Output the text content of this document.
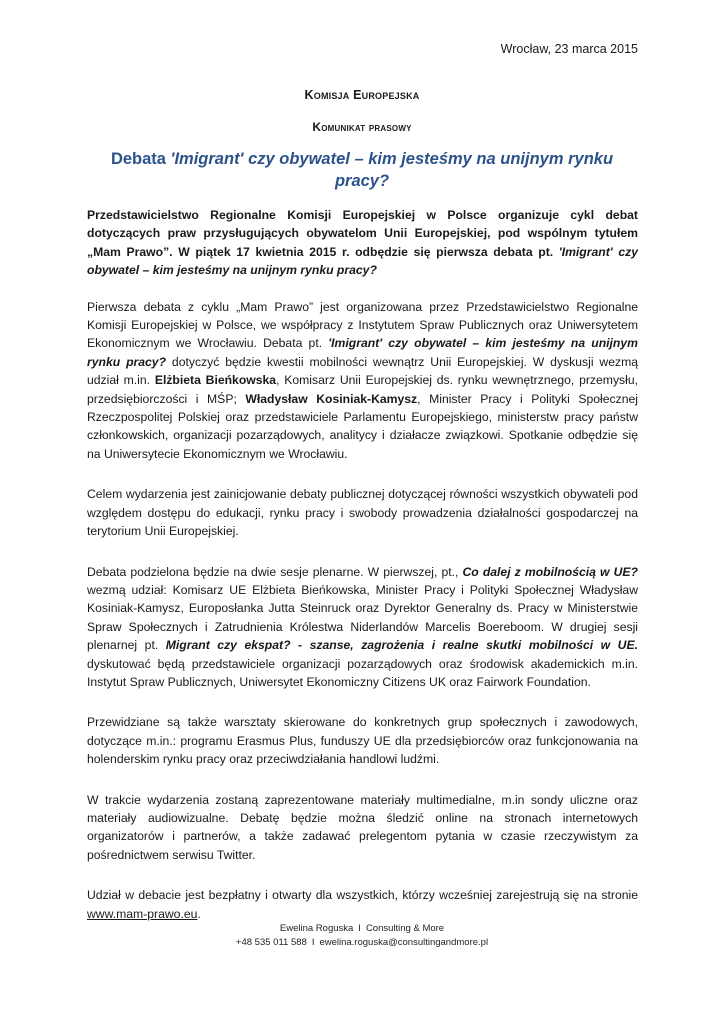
Wrocław, 23 marca 2015
Komisja Europejska
Komunikat prasowy
Debata 'Imigrant' czy obywatel – kim jesteśmy na unijnym rynku pracy?

Przedstawicielstwo Regionalne Komisji Europejskiej w Polsce organizuje cykl debat dotyczących praw przysługujących obywatelom Unii Europejskiej, pod wspólnym tytułem „Mam Prawo”. W piątek 17 kwietnia 2015 r. odbędzie się pierwsza debata pt. 'Imigrant' czy obywatel – kim jesteśmy na unijnym rynku pracy?

Pierwsza debata z cyklu „Mam Prawo” jest organizowana przez Przedstawicielstwo Regionalne Komisji Europejskiej w Polsce, we współpracy z Instytutem Spraw Publicznych oraz Uniwersytetem Ekonomicznym we Wrocławiu. Debata pt. 'Imigrant' czy obywatel – kim jesteśmy na unijnym rynku pracy? dotyczyć będzie kwestii mobilności wewnątrz Unii Europejskiej. W dyskusji wezmą udział m.in. Elżbieta Bieńkowska, Komisarz Unii Europejskiej ds. rynku wewnętrznego, przemysłu, przedsiębiorczości i MŚP; Władysław Kosiniak-Kamysz, Minister Pracy i Polityki Społecznej Rzeczpospolitej Polskiej oraz przedstawiciele Parlamentu Europejskiego, ministerstw pracy państw członkowskich, organizacji pozarządowych, analitycy i działacze związkowi. Spotkanie odbędzie się na Uniwersytecie Ekonomicznym we Wrocławiu.

Celem wydarzenia jest zainicjowanie debaty publicznej dotyczącej równości wszystkich obywateli pod względem dostępu do edukacji, rynku pracy i swobody prowadzenia działalności gospodarczej na terytorium Unii Europejskiej.

Debata podzielona będzie na dwie sesje plenarne. W pierwszej, pt., Co dalej z mobilnością w UE? wezmą udział: Komisarz UE Elżbieta Bieńkowska, Minister Pracy i Polityki Społecznej Władysław Kosiniak-Kamysz, Europosłanka Jutta Steinruck oraz Dyrektor Generalny ds. Pracy w Ministerstwie Spraw Społecznych i Zatrudnienia Królestwa Niderlandów Marcelis Boereboom. W drugiej sesji plenarnej pt. Migrant czy ekspat? - szanse, zagrożenia i realne skutki mobilności w UE. dyskutować będą przedstawiciele organizacji pozarządowych oraz środowisk akademickich m.in. Instytut Spraw Publicznych, Uniwersytet Ekonomiczny Citizens UK oraz Fairwork Foundation.

Przewidziane są także warsztaty skierowane do konkretnych grup społecznych i zawodowych, dotyczące m.in.: programu Erasmus Plus, funduszy UE dla przedsiębiorców oraz funkcjonowania na holenderskim rynku pracy oraz przeciwdziałania handlowi ludźmi.

W trakcie wydarzenia zostaną zaprezentowane materiały multimedialne, m.in sondy uliczne oraz materiały audiowizualne. Debatę będzie można śledzić online na stronach internetowych organizatorów i partnerów, a także zadawać prelegentom pytania w czasie rzeczywistym za pośrednictwem serwisu Twitter.

Udział w debacie jest bezpłatny i otwarty dla wszystkich, którzy wcześniej zarejestrują się na stronie www.mam-prawo.eu.

Ewelina Roguska I Consulting & More
+48 535 011 588 I ewelina.roguska@consultingandmore.pl
